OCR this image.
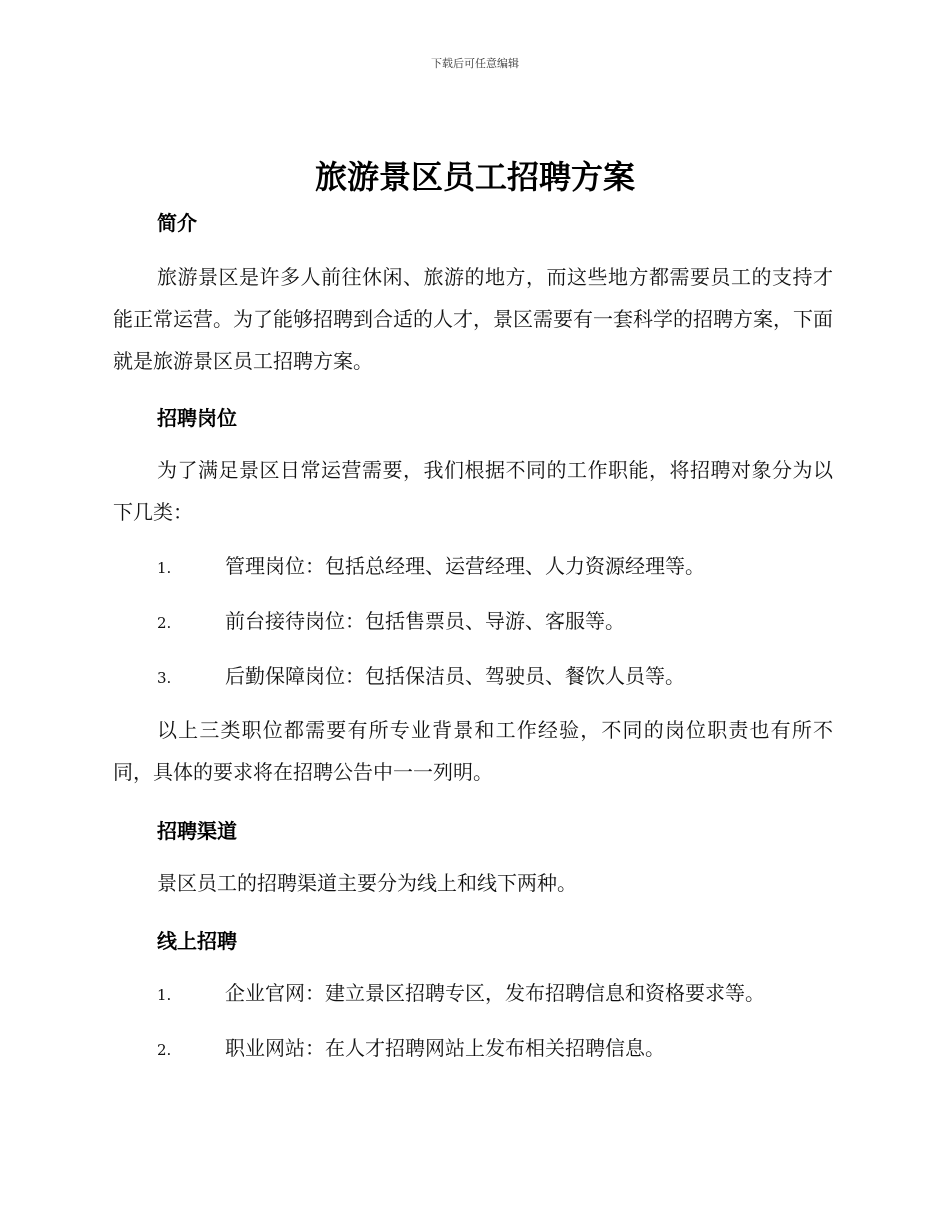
下载后可任意编辑
旅游景区员工招聘方案
简介
旅游景区是许多人前往休闲、旅游的地方，而这些地方都需要员工的支持才能正常运营。为了能够招聘到合适的人才，景区需要有一套科学的招聘方案，下面就是旅游景区员工招聘方案。
招聘岗位
为了满足景区日常运营需要，我们根据不同的工作职能，将招聘对象分为以下几类：
1.	管理岗位：包括总经理、运营经理、人力资源经理等。
2.	前台接待岗位：包括售票员、导游、客服等。
3.	后勤保障岗位：包括保洁员、驾驶员、餐饮人员等。
以上三类职位都需要有所专业背景和工作经验，不同的岗位职责也有所不同，具体的要求将在招聘公告中一一列明。
招聘渠道
景区员工的招聘渠道主要分为线上和线下两种。
线上招聘
1.	企业官网：建立景区招聘专区，发布招聘信息和资格要求等。
2.	职业网站：在人才招聘网站上发布相关招聘信息。
